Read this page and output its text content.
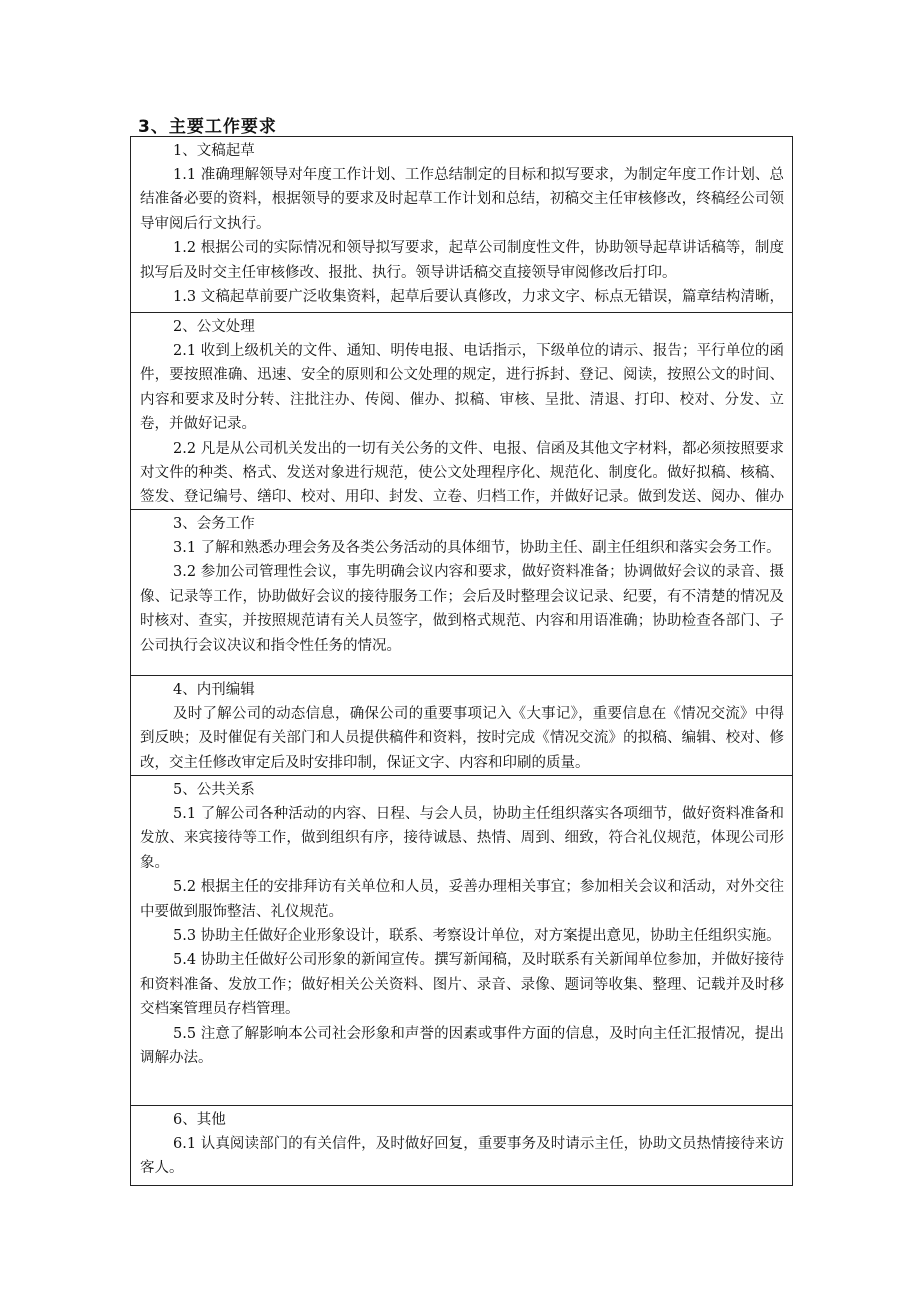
3、主要工作要求
1、文稿起草

1.1 准确理解领导对年度工作计划、工作总结制定的目标和拟写要求，为制定年度工作计划、总结准备必要的资料，根据领导的要求及时起草工作计划和总结，初稿交主任审核修改，终稿经公司领导审阅后行文执行。

1.2 根据公司的实际情况和领导拟写要求，起草公司制度性文件，协助领导起草讲话稿等，制度拟写后及时交主任审核修改、报批、执行。领导讲话稿交直接领导审阅修改后打印。

1.3 文稿起草前要广泛收集资料，起草后要认真修改，力求文字、标点无错误，篇章结构清晰，

2、公文处理

2.1 收到上级机关的文件、通知、明传电报、电话指示，下级单位的请示、报告；平行单位的函件，要按照准确、迅速、安全的原则和公文处理的规定，进行拆封、登记、阅读，按照公文的时间、内容和要求及时分转、注批注办、传阅、催办、拟稿、审核、呈批、清退、打印、校对、分发、立卷，并做好记录。

2.2 凡是从公司机关发出的一切有关公务的文件、电报、信函及其他文字材料，都必须按照要求对文件的种类、格式、发送对象进行规范，使公文处理程序化、规范化、制度化。做好拟稿、核稿、签发、登记编号、缮印、校对、用印、封发、立卷、归档工作，并做好记录。做到发送、阅办、催办

3、会务工作

3.1 了解和熟悉办理会务及各类公务活动的具体细节，协助主任、副主任组织和落实会务工作。

3.2 参加公司管理性会议，事先明确会议内容和要求，做好资料准备；协调做好会议的录音、摄像、记录等工作，协助做好会议的接待服务工作；会后及时整理会议记录、纪要，有不清楚的情况及时核对、查实，并按照规范请有关人员签字，做到格式规范、内容和用语准确；协助检查各部门、子公司执行会议决议和指令性任务的情况。

4、内刊编辑

及时了解公司的动态信息，确保公司的重要事项记入《大事记》，重要信息在《情况交流》中得到反映；及时催促有关部门和人员提供稿件和资料，按时完成《情况交流》的拟稿、编辑、校对、修改，交主任修改审定后及时安排印制，保证文字、内容和印刷的质量。

5、公共关系

5.1 了解公司各种活动的内容、日程、与会人员，协助主任组织落实各项细节，做好资料准备和发放、来宾接待等工作，做到组织有序，接待诚恳、热情、周到、细致，符合礼仪规范，体现公司形象。

5.2 根据主任的安排拜访有关单位和人员，妥善办理相关事宜；参加相关会议和活动，对外交往中要做到服饰整洁、礼仪规范。

5.3 协助主任做好企业形象设计，联系、考察设计单位，对方案提出意见，协助主任组织实施。

5.4 协助主任做好公司形象的新闻宣传。撰写新闻稿，及时联系有关新闻单位参加，并做好接待和资料准备、发放工作；做好相关公关资料、图片、录音、录像、题词等收集、整理、记载并及时移交档案管理员存档管理。

5.5 注意了解影响本公司社会形象和声誉的因素或事件方面的信息，及时向主任汇报情况，提出调解办法。

6、其他

6.1 认真阅读部门的有关信件，及时做好回复，重要事务及时请示主任，协助文员热情接待来访客人。
